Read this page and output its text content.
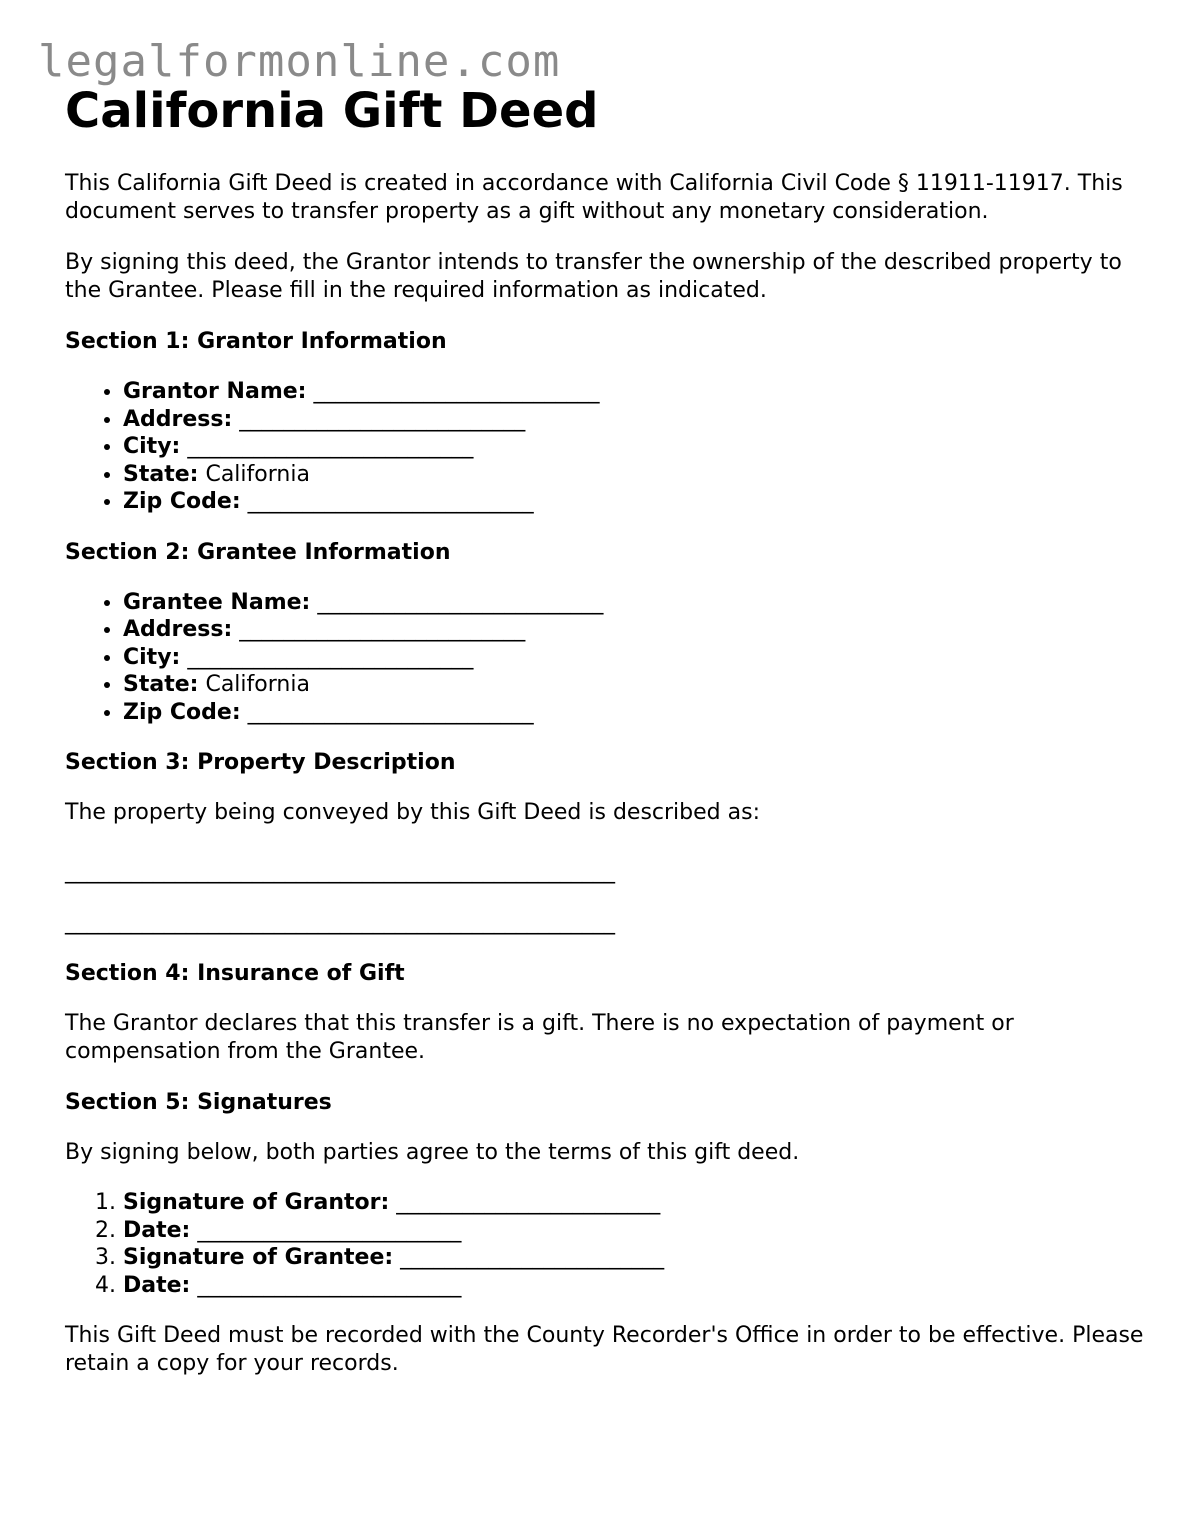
legalformonline.com
California Gift Deed

This California Gift Deed is created in accordance with California Civil Code § 11911-11917. This document serves to transfer property as a gift without any monetary consideration.

By signing this deed, the Grantor intends to transfer the ownership of the described property to the Grantee. Please fill in the required information as indicated.

Section 1: Grantor Information
• Grantor Name: __________________________
• Address: __________________________
• City: __________________________
• State: California
• Zip Code: __________________________
Section 2: Grantee Information
• Grantee Name: __________________________
• Address: __________________________
• City: __________________________
• State: California
• Zip Code: __________________________
Section 3: Property Description

The property being conveyed by this Gift Deed is described as:

__________________________________________________
__________________________________________________
Section 4: Insurance of Gift

The Grantor declares that this transfer is a gift. There is no expectation of payment or compensation from the Grantee.

Section 5: Signatures

By signing below, both parties agree to the terms of this gift deed.

1. Signature of Grantor: ________________________
2. Date: ________________________
3. Signature of Grantee: ________________________
4. Date: ________________________

This Gift Deed must be recorded with the County Recorder's Office in order to be effective. Please retain a copy for your records.
